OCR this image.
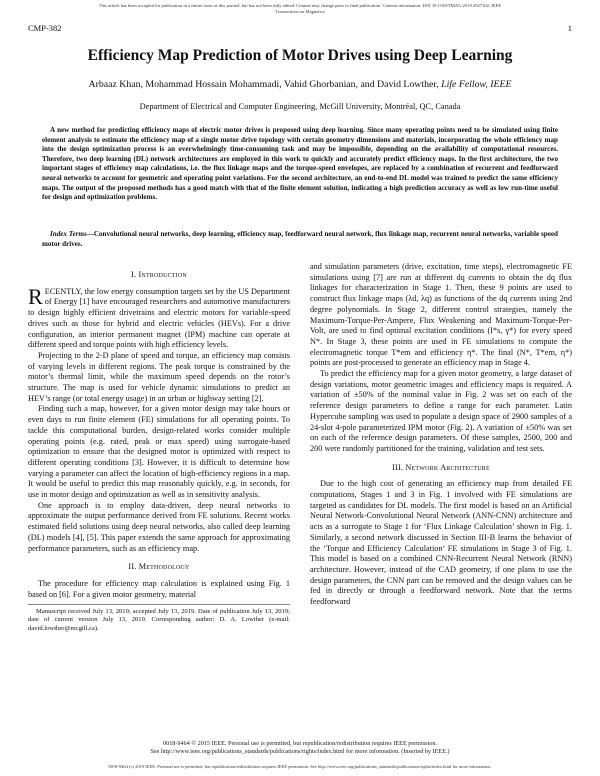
This article has been accepted for publication in a future issue of this journal, but has not been fully edited. Content may change prior to final publication. Citation information: DOI 10.1109/TMAG.2019.2927102, IEEE
Transactions on Magnetics
CMP-382	1
Efficiency Map Prediction of Motor Drives using Deep Learning
Arbaaz Khan, Mohammad Hossain Mohammadi, Vahid Ghorbanian, and David Lowther, Life Fellow, IEEE
Department of Electrical and Computer Engineering, McGill University, Montréal, QC, Canada
A new method for predicting efficiency maps of electric motor drives is proposed using deep learning. Since many operating points need to be simulated using finite element analysis to estimate the efficiency map of a single motor drive topology with certain geometry dimensions and materials, incorporating the whole efficiency map into the design optimization process is an overwhelmingly time-consuming task and may be impossible, depending on the availability of computational resources. Therefore, two deep learning (DL) network architectures are employed in this work to quickly and accurately predict efficiency maps. In the first architecture, the two important stages of efficiency map calculations, i.e. the flux linkage maps and the torque-speed envelopes, are replaced by a combination of recurrent and feedforward neural networks to account for geometric and operating point variations. For the second architecture, an end-to-end DL model was trained to predict the same efficiency maps. The output of the proposed methods has a good match with that of the finite element solution, indicating a high prediction accuracy as well as low run-time useful for design and optimization problems.
Index Terms—Convolutional neural networks, deep learning, efficiency map, feedforward neural network, flux linkage map, recurrent neural networks, variable speed motor drives.
I. Introduction

RECENTLY, the low energy consumption targets set by the US Department of Energy [1] have encouraged researchers and automotive manufacturers to design highly efficient drivetrains and electric motors for variable-speed drives such as those for hybrid and electric vehicles (HEVs). For a drive configuration, an interior permanent magnet (IPM) machine can operate at different speed and torque points with high efficiency levels.

Projecting to the 2-D plane of speed and torque, an efficiency map consists of varying levels in different regions. The peak torque is constrained by the motor’s thermal limit, while the maximum speed depends on the rotor’s structure. The map is used for vehicle dynamic simulations to predict an HEV’s range (or total energy usage) in an urban or highway setting [2].

Finding such a map, however, for a given motor design may take hours or even days to run finite element (FE) simulations for all operating points. To tackle this computational burden, design-related works consider multiple operating points (e.g. rated, peak or max speed) using surrogate-based optimization to ensure that the designed motor is optimized with respect to different operating conditions [3]. However, it is difficult to determine how varying a parameter can affect the location of high-efficiency regions in a map. It would be useful to predict this map reasonably quickly, e.g. in seconds, for use in motor design and optimization as well as in sensitivity analysis.

One approach is to employ data-driven, deep neural networks to approximate the output performance derived from FE solutions. Recent works estimated field solutions using deep neural networks, also called deep learning (DL) models [4], [5]. This paper extends the same approach for approximating performance parameters, such as an efficiency map.

II. Methodology

The procedure for efficiency map calculation is explained using Fig. 1 based on [6]. For a given motor geometry, material

Manuscript received July 13, 2019; accepted July 13, 2019. Date of publication July 13, 2019; date of current version July 13, 2019. Corresponding author: D. A. Lowther (e-mail: david.lowther@mcgill.ca).

and simulation parameters (drive, excitation, time steps), electromagnetic FE simulations using [7] are run at different dq currents to obtain the dq flux linkages for characterization in Stage 1. Then, these 9 points are used to construct flux linkage maps (λd, λq) as functions of the dq currents using 2nd degree polynomials. In Stage 2, different control strategies, namely the Maximum-Torque-Per-Ampere, Flux Weakening and Maximum-Torque-Per-Volt, are used to find optimal excitation conditions (I*s, γ*) for every speed N*. In Stage 3, these points are used in FE simulations to compute the electromagnetic torque T*em and efficiency η*. The final (N*, T*em, η*) points are post-processed to generate an efficiency map in Stage 4.

To predict the efficiency map for a given motor geometry, a large dataset of design variations, motor geometric images and efficiency maps is required. A variation of ±50% of the nominal value in Fig. 2 was set on each of the reference design parameters to define a range for each parameter. Latin Hypercube sampling was used to populate a design space of 2900 samples of a 24-slot 4-pole parameterized IPM motor (Fig. 2). A variation of ±50% was set on each of the reference design parameters. Of these samples, 2500, 200 and 200 were randomly partitioned for the training, validation and test sets.

III. Network Architecture

Due to the high cost of generating an efficiency map from detailed FE computations, Stages 1 and 3 in Fig. 1 involved with FE simulations are targeted as candidates for DL models. The first model is based on an Artificial Neural Network-Convolutional Neural Network (ANN-CNN) architecture and acts as a surrogate to Stage 1 for ‘Flux Linkage Calculation’ shown in Fig. 1. Similarly, a second network discussed in Section III-B learns the behavior of the ‘Torque and Efficiency Calculation’ FE simulations in Stage 3 of Fig. 1. This model is based on a combined CNN-Recurrent Neural Network (RNN) architecture. However, instead of the CAD geometry, if one plans to use the design parameters, the CNN part can be removed and the design values can be fed in directly or through a feedforward network. Note that the terms feedforward

0018-9464 © 2015 IEEE. Personal use is permitted, but republication/redistribution requires IEEE permission.
See http://www.ieee.org/publications_standards/publications/rights/index.html for more information. (Inserted by IEEE.)
0018-9464 (c) 2019 IEEE. Personal use is permitted, but republication/redistribution requires IEEE permission. See http://www.ieee.org/publications_standards/publications/rights/index.html for more information.
